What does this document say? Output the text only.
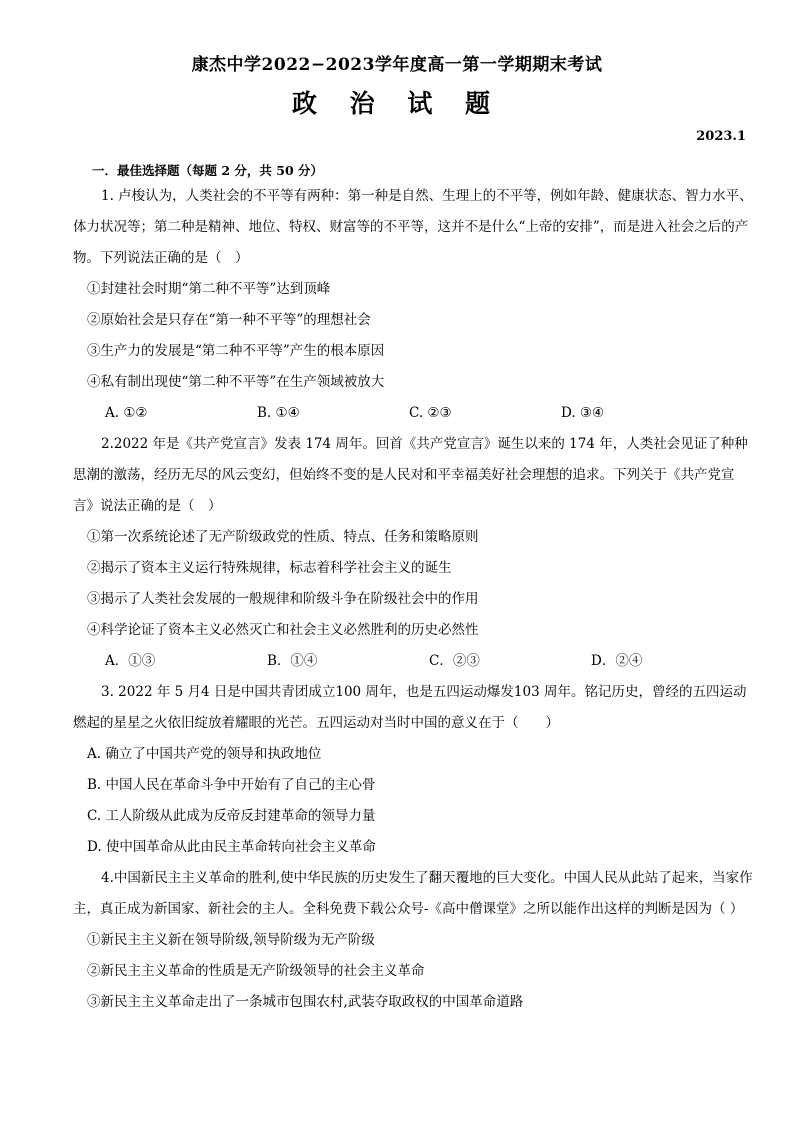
康杰中学2022−2023学年度高一第一学期期末考试
政 治 试 题
2023.1
一．最佳选择题（每题 2 分，共 50 分）

1. 卢梭认为，人类社会的不平等有两种：第一种是自然、生理上的不平等，例如年龄、健康状态、智力水平、体力状况等；第二种是精神、地位、特权、财富等的不平等，这并不是什么“上帝的安排”，而是进入社会之后的产物。下列说法正确的是（　）

①封建社会时期“第二种不平等”达到顶峰

②原始社会是只存在“第一种不平等”的理想社会

③生产力的发展是“第二种不平等”产生的根本原因

④私有制出现使“第二种不平等”在生产领域被放大

A. ①②	B. ①④	C. ②③	D. ③④

2.2022 年是《共产党宣言》发表 174 周年。回首《共产党宣言》诞生以来的 174 年，人类社会见证了种种思潮的激荡，经历无尽的风云变幻，但始终不变的是人民对和平幸福美好社会理想的追求。下列关于《共产党宣言》说法正确的是（　）

①第一次系统论述了无产阶级政党的性质、特点、任务和策略原则

②揭示了资本主义运行特殊规律，标志着科学社会主义的诞生

③揭示了人类社会发展的一般规律和阶级斗争在阶级社会中的作用

④科学论证了资本主义必然灭亡和社会主义必然胜利的历史必然性

A．①③	B．①④	C．②③	D．②④

3. 2022 年 5 月4 日是中国共青团成立100 周年，也是五四运动爆发103 周年。铭记历史，曾经的五四运动燃起的星星之火依旧绽放着耀眼的光芒。五四运动对当时中国的意义在于（　　）

A. 确立了中国共产党的领导和执政地位

B. 中国人民在革命斗争中开始有了自己的主心骨

C. 工人阶级从此成为反帝反封建革命的领导力量

D. 使中国革命从此由民主革命转向社会主义革命

4.中国新民主主义革命的胜利,使中华民族的历史发生了翻天覆地的巨大变化。中国人民从此站了起来，当家作主，真正成为新国家、新社会的主人。全科免费下载公众号-《高中僧课堂》之所以能作出这样的判断是因为（ ）

①新民主主义新在领导阶级,领导阶级为无产阶级

②新民主主义革命的性质是无产阶级领导的社会主义革命

③新民主主义革命走出了一条城市包围农村,武装夺取政权的中国革命道路
